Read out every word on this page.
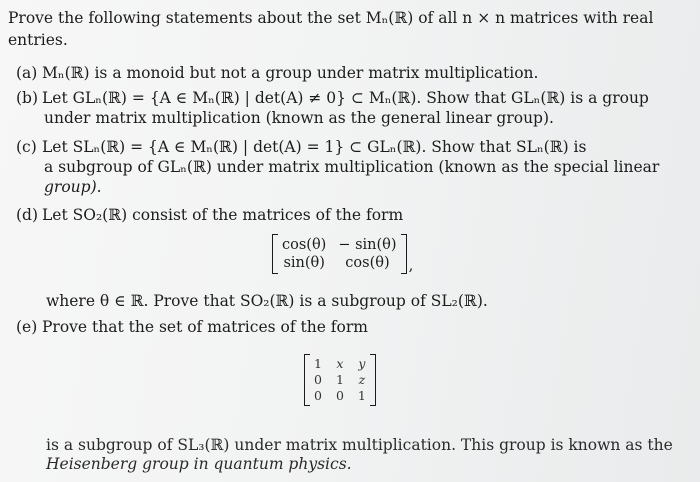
Prove the following statements about the set Mₙ(ℝ) of all n × n matrices with real
entries.
(a) Mₙ(ℝ) is a monoid but not a group under matrix multiplication.
(b) Let GLₙ(ℝ) = {A ∈ Mₙ(ℝ) | det(A) ≠ 0} ⊂ Mₙ(ℝ). Show that GLₙ(ℝ) is a group
under matrix multiplication (known as the general linear group).
(c) Let SLₙ(ℝ) = {A ∈ Mₙ(ℝ) | det(A) = 1} ⊂ GLₙ(ℝ). Show that SLₙ(ℝ) is
a subgroup of GLₙ(ℝ) under matrix multiplication (known as the special linear
group).
(d) Let SO₂(ℝ) consist of the matrices of the form
cos(θ) − sin(θ)
sin(θ)	cos(θ)	,
where θ ∈ ℝ. Prove that SO₂(ℝ) is a subgroup of SL₂(ℝ).
(e) Prove that the set of matrices of the form
1 x y
0 1 z
0 0 1
is a subgroup of SL₃(ℝ) under matrix multiplication. This group is known as the
Heisenberg group in quantum physics.
